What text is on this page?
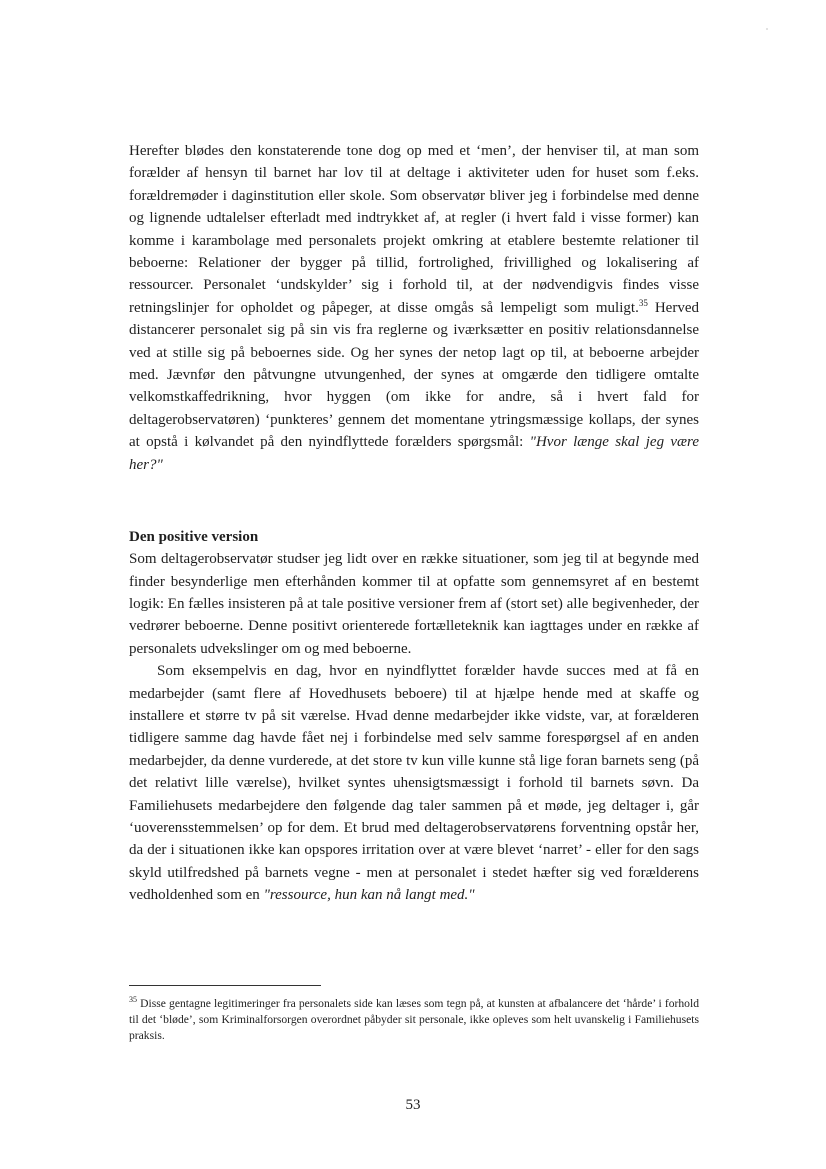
Herefter blødes den konstaterende tone dog op med et ‘men’, der henviser til, at man som forælder af hensyn til barnet har lov til at deltage i aktiviteter uden for huset som f.eks. forældremøder i daginstitution eller skole. Som observatør bliver jeg i forbindelse med denne og lignende udtalelser efterladt med indtrykket af, at regler (i hvert fald i visse former) kan komme i karambolage med personalets projekt omkring at etablere bestemte relationer til beboerne: Relationer der bygger på tillid, fortrolighed, frivillighed og lokalisering af ressourcer. Personalet ‘undskylder’ sig i forhold til, at der nødvendigvis findes visse retningslinjer for opholdet og påpeger, at disse omgås så lempeligt som muligt.$^{35}$ Herved distancerer personalet sig på sin vis fra reglerne og iværksætter en positiv relationsdannelse ved at stille sig på beboernes side. Og her synes der netop lagt op til, at beboerne arbejder med. Jævnfør den påtvungne utvungenhed, der synes at omgærde den tidligere omtalte velkomstkaffedrikning, hvor hyggen (om ikke for andre, så i hvert fald for deltagerobservatøren) ‘punkteres’ gennem det momentane ytringsmæssige kollaps, der synes at opstå i kølvandet på den nyindflyttede forælders spørgsmål: "Hvor længe skal jeg være her?"

Den positive version

Som deltagerobservatør studser jeg lidt over en række situationer, som jeg til at begynde med finder besynderlige men efterhånden kommer til at opfatte som gennemsyret af en bestemt logik: En fælles insisteren på at tale positive versioner frem af (stort set) alle begivenheder, der vedrører beboerne. Denne positivt orienterede fortælleteknik kan iagttages under en række af personalets udvekslinger om og med beboerne.

Som eksempelvis en dag, hvor en nyindflyttet forælder havde succes med at få en medarbejder (samt flere af Hovedhusets beboere) til at hjælpe hende med at skaffe og installere et større tv på sit værelse. Hvad denne medarbejder ikke vidste, var, at forælderen tidligere samme dag havde fået nej i forbindelse med selv samme forespørgsel af en anden medarbejder, da denne vurderede, at det store tv kun ville kunne stå lige foran barnets seng (på det relativt lille værelse), hvilket syntes uhensigtsmæssigt i forhold til barnets søvn. Da Familiehusets medarbejdere den følgende dag taler sammen på et møde, jeg deltager i, går ‘uoverensstemmelsen’ op for dem. Et brud med deltagerobservatørens forventning opstår her, da der i situationen ikke kan opspores irritation over at være blevet ‘narret’ - eller for den sags skyld utilfredshed på barnets vegne - men at personalet i stedet hæfter sig ved forælderens vedholdenhed som en "ressource, hun kan nå langt med."

$^{35}$ Disse gentagne legitimeringer fra personalets side kan læses som tegn på, at kunsten at afbalancere det ‘hårde’ i forhold til det ‘bløde’, som Kriminalforsorgen overordnet påbyder sit personale, ikke opleves som helt uvanskelig i Familiehusets praksis.

53
